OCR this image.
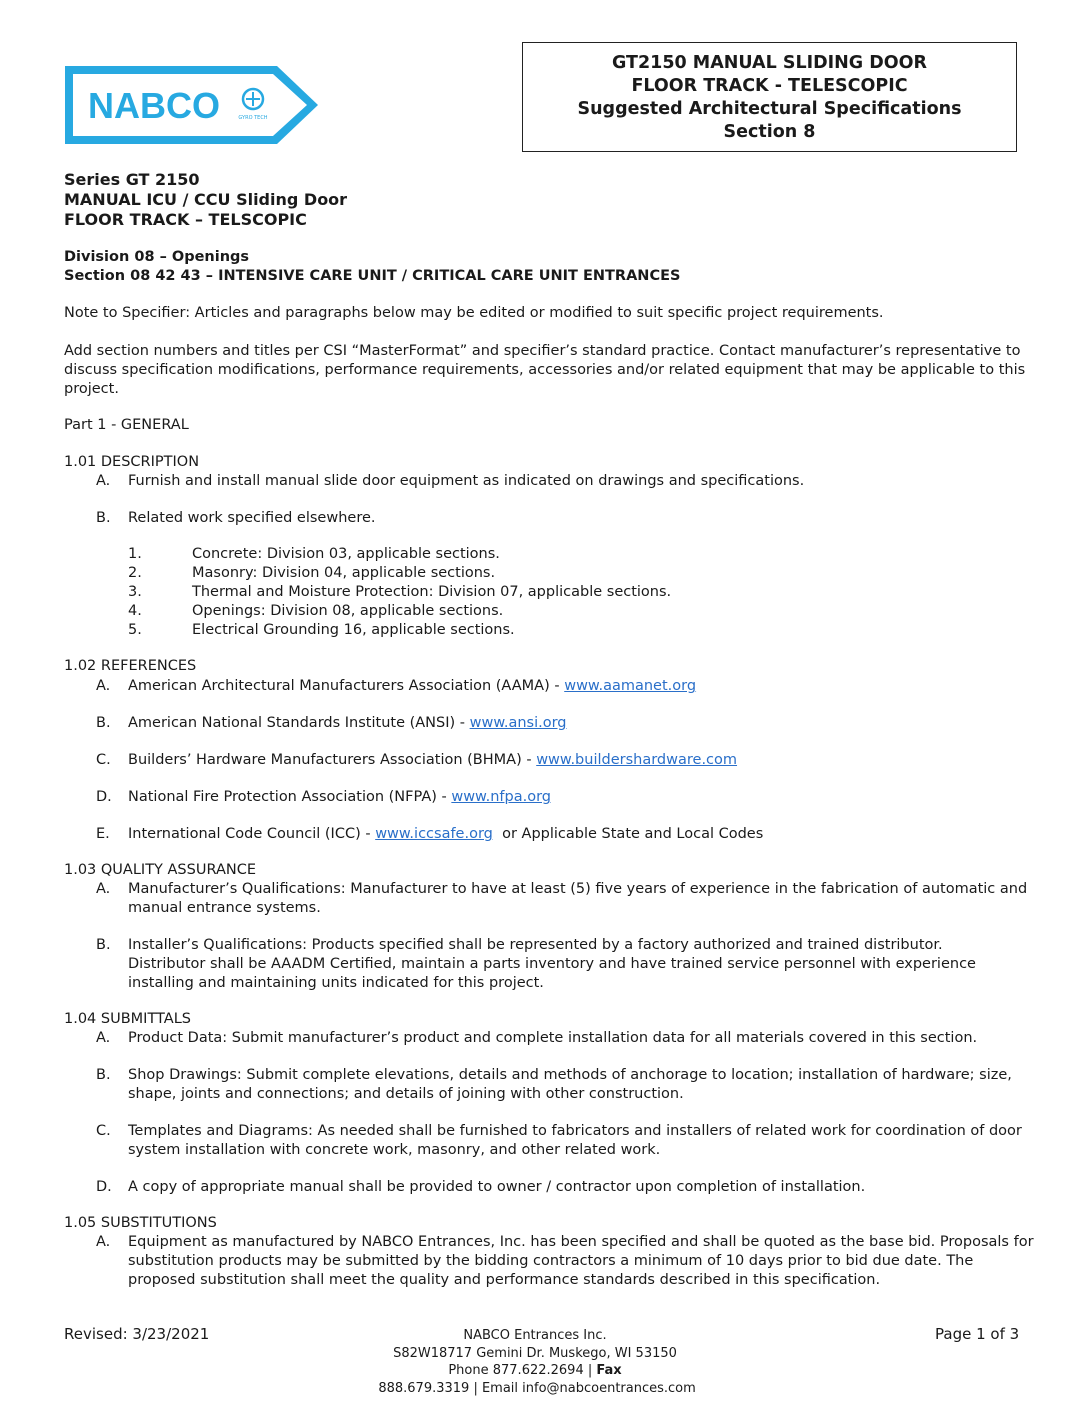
NABCO	GYRO TECH
GT2150 MANUAL SLIDING DOOR
FLOOR TRACK - TELESCOPIC
Suggested Architectural Specifications
Section 8
Series GT 2150
MANUAL ICU / CCU Sliding Door
FLOOR TRACK – TELSCOPIC
Division 08 – Openings
Section 08 42 43 – INTENSIVE CARE UNIT / CRITICAL CARE UNIT ENTRANCES
Note to Specifier: Articles and paragraphs below may be edited or modified to suit specific project requirements.
Add section numbers and titles per CSI “MasterFormat” and specifier’s standard practice. Contact manufacturer’s representative to
discuss specification modifications, performance requirements, accessories and/or related equipment that may be applicable to this
project.
Part 1 - GENERAL
1.01 DESCRIPTION
A. Furnish and install manual slide door equipment as indicated on drawings and specifications.
B. Related work specified elsewhere.
1.	Concrete: Division 03, applicable sections.
2.	Masonry: Division 04, applicable sections.
3.	Thermal and Moisture Protection: Division 07, applicable sections.
4.	Openings: Division 08, applicable sections.
5.	Electrical Grounding 16, applicable sections.
1.02 REFERENCES
A. American Architectural Manufacturers Association (AAMA) - www.aamanet.org
B. American National Standards Institute (ANSI) - www.ansi.org
C. Builders’ Hardware Manufacturers Association (BHMA) - www.buildershardware.com
D. National Fire Protection Association (NFPA) - www.nfpa.org
E. International Code Council (ICC) - www.iccsafe.org  or Applicable State and Local Codes
1.03 QUALITY ASSURANCE
A. Manufacturer’s Qualifications: Manufacturer to have at least (5) five years of experience in the fabrication of automatic and
manual entrance systems.
B. Installer’s Qualifications: Products specified shall be represented by a factory authorized and trained distributor.
Distributor shall be AAADM Certified, maintain a parts inventory and have trained service personnel with experience
installing and maintaining units indicated for this project.
1.04 SUBMITTALS
A. Product Data: Submit manufacturer’s product and complete installation data for all materials covered in this section.
B. Shop Drawings: Submit complete elevations, details and methods of anchorage to location; installation of hardware; size,
shape, joints and connections; and details of joining with other construction.
C. Templates and Diagrams: As needed shall be furnished to fabricators and installers of related work for coordination of door
system installation with concrete work, masonry, and other related work.
D. A copy of appropriate manual shall be provided to owner / contractor upon completion of installation.
1.05 SUBSTITUTIONS
A. Equipment as manufactured by NABCO Entrances, Inc. has been specified and shall be quoted as the base bid. Proposals for
substitution products may be submitted by the bidding contractors a minimum of 10 days prior to bid due date. The
proposed substitution shall meet the quality and performance standards described in this specification.
Revised: 3/23/2021	Page 1 of 3
NABCO Entrances Inc.
S82W18717 Gemini Dr. Muskego, WI 53150
Phone 877.622.2694 | Fax 888.679.3319 | Email info@nabcoentrances.com
